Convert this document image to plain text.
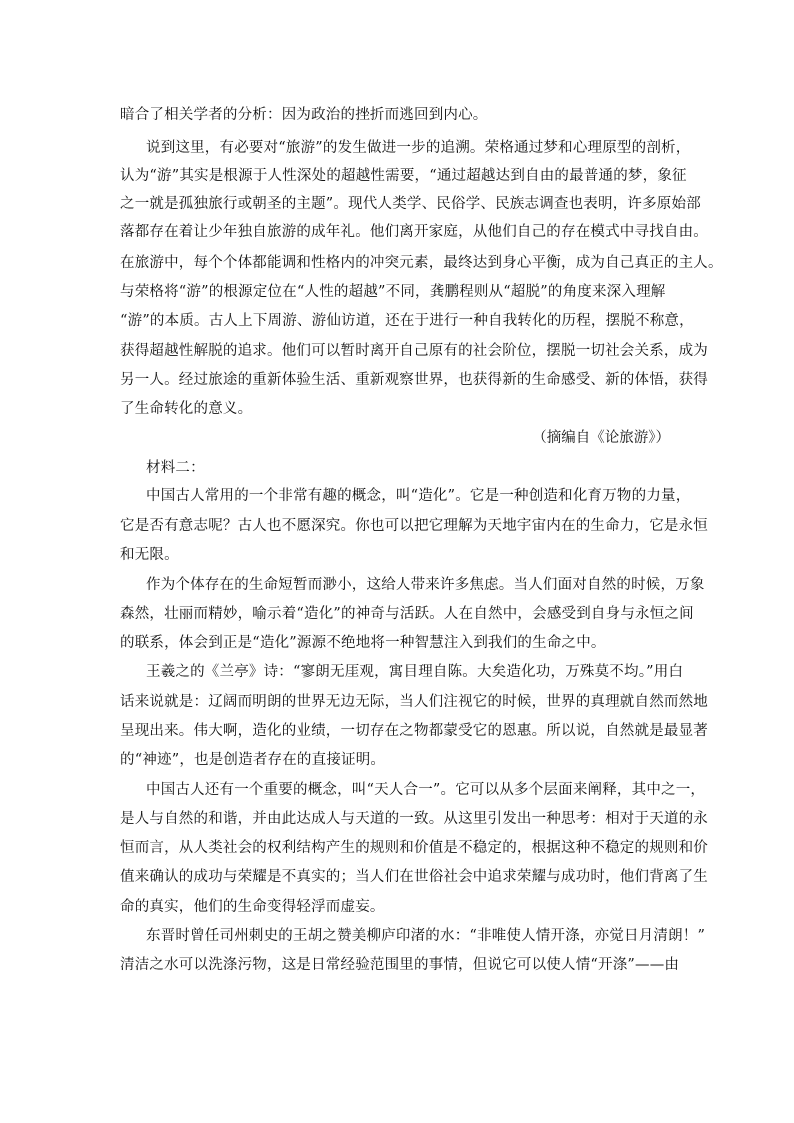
暗合了相关学者的分析：因为政治的挫折而逃回到内心。
说到这里，有必要对“旅游”的发生做进一步的追溯。荣格通过梦和心理原型的剖析，
认为“游”其实是根源于人性深处的超越性需要，“通过超越达到自由的最普通的梦，象征
之一就是孤独旅行或朝圣的主题”。现代人类学、民俗学、民族志调查也表明，许多原始部
落都存在着让少年独自旅游的成年礼。他们离开家庭，从他们自己的存在模式中寻找自由。
在旅游中，每个个体都能调和性格内的冲突元素，最终达到身心平衡，成为自己真正的主人。
与荣格将“游”的根源定位在“人性的超越”不同，龚鹏程则从“超脱”的角度来深入理解
“游”的本质。古人上下周游、游仙访道，还在于进行一种自我转化的历程，摆脱不称意，
获得超越性解脱的追求。他们可以暂时离开自己原有的社会阶位，摆脱一切社会关系，成为
另一人。经过旅途的重新体验生活、重新观察世界，也获得新的生命感受、新的体悟，获得
了生命转化的意义。
（摘编自《论旅游》）
材料二：
中国古人常用的一个非常有趣的概念，叫“造化”。它是一种创造和化育万物的力量，
它是否有意志呢？古人也不愿深究。你也可以把它理解为天地宇宙内在的生命力，它是永恒
和无限。
作为个体存在的生命短暂而渺小，这给人带来许多焦虑。当人们面对自然的时候，万象
森然，壮丽而精妙，喻示着“造化”的神奇与活跃。人在自然中，会感受到自身与永恒之间
的联系，体会到正是“造化”源源不绝地将一种智慧注入到我们的生命之中。
王羲之的《兰亭》诗：“寥朗无厓观，寓目理自陈。大矣造化功，万殊莫不均。”用白
话来说就是：辽阔而明朗的世界无边无际，当人们注视它的时候，世界的真理就自然而然地
呈现出来。伟大啊，造化的业绩，一切存在之物都蒙受它的恩惠。所以说，自然就是最显著
的“神迹”，也是创造者存在的直接证明。
中国古人还有一个重要的概念，叫“天人合一”。它可以从多个层面来阐释，其中之一，
是人与自然的和谐，并由此达成人与天道的一致。从这里引发出一种思考：相对于天道的永
恒而言，从人类社会的权利结构产生的规则和价值是不稳定的，根据这种不稳定的规则和价
值来确认的成功与荣耀是不真实的；当人们在世俗社会中追求荣耀与成功时，他们背离了生
命的真实，他们的生命变得轻浮而虚妄。
东晋时曾任司州刺史的王胡之赞美柳庐印渚的水：“非唯使人情开涤，亦觉日月清朗！”
清洁之水可以洗涤污物，这是日常经验范围里的事情，但说它可以使人情“开涤”——由
